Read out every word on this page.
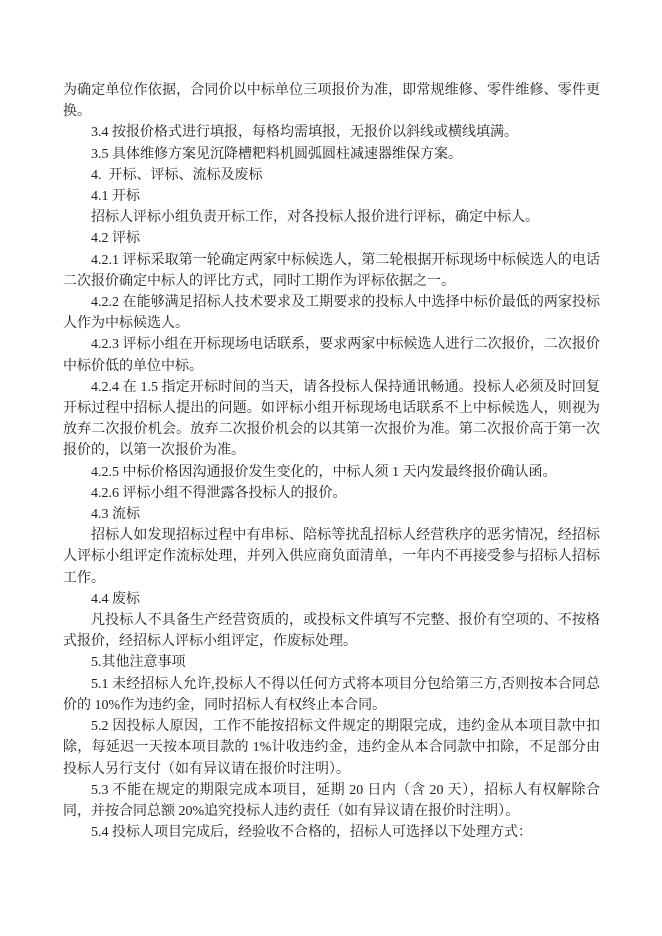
为确定单位作依据，合同价以中标单位三项报价为准，即常规维修、零件维修、零件更换。

3.4 按报价格式进行填报，每格均需填报，无报价以斜线或横线填满。

3.5 具体维修方案见沉降槽粑料机圆弧圆柱减速器维保方案。

4.  开标、评标、流标及废标

4.1 开标

招标人评标小组负责开标工作，对各投标人报价进行评标，确定中标人。

4.2 评标

4.2.1 评标采取第一轮确定两家中标候选人，第二轮根据开标现场中标候选人的电话二次报价确定中标人的评比方式，同时工期作为评标依据之一。

4.2.2 在能够满足招标人技术要求及工期要求的投标人中选择中标价最低的两家投标人作为中标候选人。

4.2.3 评标小组在开标现场电话联系，要求两家中标候选人进行二次报价，二次报价中标价低的单位中标。

4.2.4 在 1.5 指定开标时间的当天，请各投标人保持通讯畅通。投标人必须及时回复开标过程中招标人提出的问题。如评标小组开标现场电话联系不上中标候选人，则视为放弃二次报价机会。放弃二次报价机会的以其第一次报价为准。第二次报价高于第一次报价的，以第一次报价为准。

4.2.5 中标价格因沟通报价发生变化的，中标人须 1 天内发最终报价确认函。

4.2.6 评标小组不得泄露各投标人的报价。

4.3 流标

招标人如发现招标过程中有串标、陪标等扰乱招标人经营秩序的恶劣情况，经招标人评标小组评定作流标处理，并列入供应商负面清单，一年内不再接受参与招标人招标工作。

4.4 废标

凡投标人不具备生产经营资质的，或投标文件填写不完整、报价有空项的、不按格式报价，经招标人评标小组评定，作废标处理。

5.其他注意事项

5.1 未经招标人允许,投标人不得以任何方式将本项目分包给第三方,否则按本合同总价的 10%作为违约金，同时招标人有权终止本合同。

5.2 因投标人原因，工作不能按招标文件规定的期限完成，违约金从本项目款中扣除，每延迟一天按本项目款的 1%计收违约金，违约金从本合同款中扣除，不足部分由投标人另行支付（如有异议请在报价时注明）。

5.3 不能在规定的期限完成本项目，延期 20 日内（含 20 天），招标人有权解除合同，并按合同总额 20%追究投标人违约责任（如有异议请在报价时注明）。

5.4 投标人项目完成后，经验收不合格的，招标人可选择以下处理方式：
